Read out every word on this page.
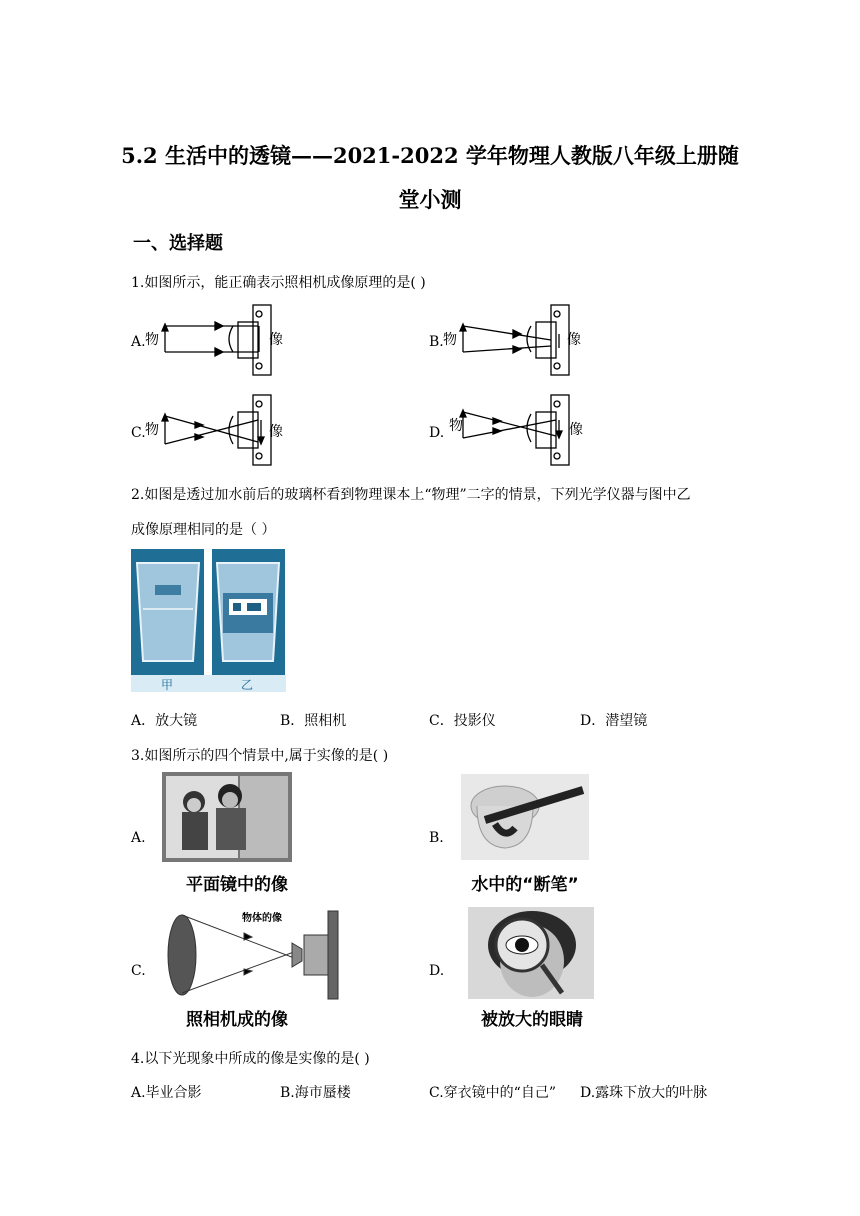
5.2 生活中的透镜——2021-2022 学年物理人教版八年级上册随
堂小测
一、选择题
1.如图所示，能正确表示照相机成像原理的是( )
A.	B.
C.	D.
物	像	物	像
物	像	物	像
2.如图是透过加水前后的玻璃杯看到物理课本上“物理”二字的情景，下列光学仪器与图中乙
成像原理相同的是（ ）
甲	乙
A．放大镜	B．照相机	C．投影仪	D．潜望镜
3.如图所示的四个情景中,属于实像的是( )
A.	B.
C.	D.
平面镜中的像	水中的“断笔”
物体的像
照相机成的像	被放大的眼睛
4.以下光现象中所成的像是实像的是( )
A.毕业合影	B.海市蜃楼	C.穿衣镜中的“自己” D.露珠下放大的叶脉
